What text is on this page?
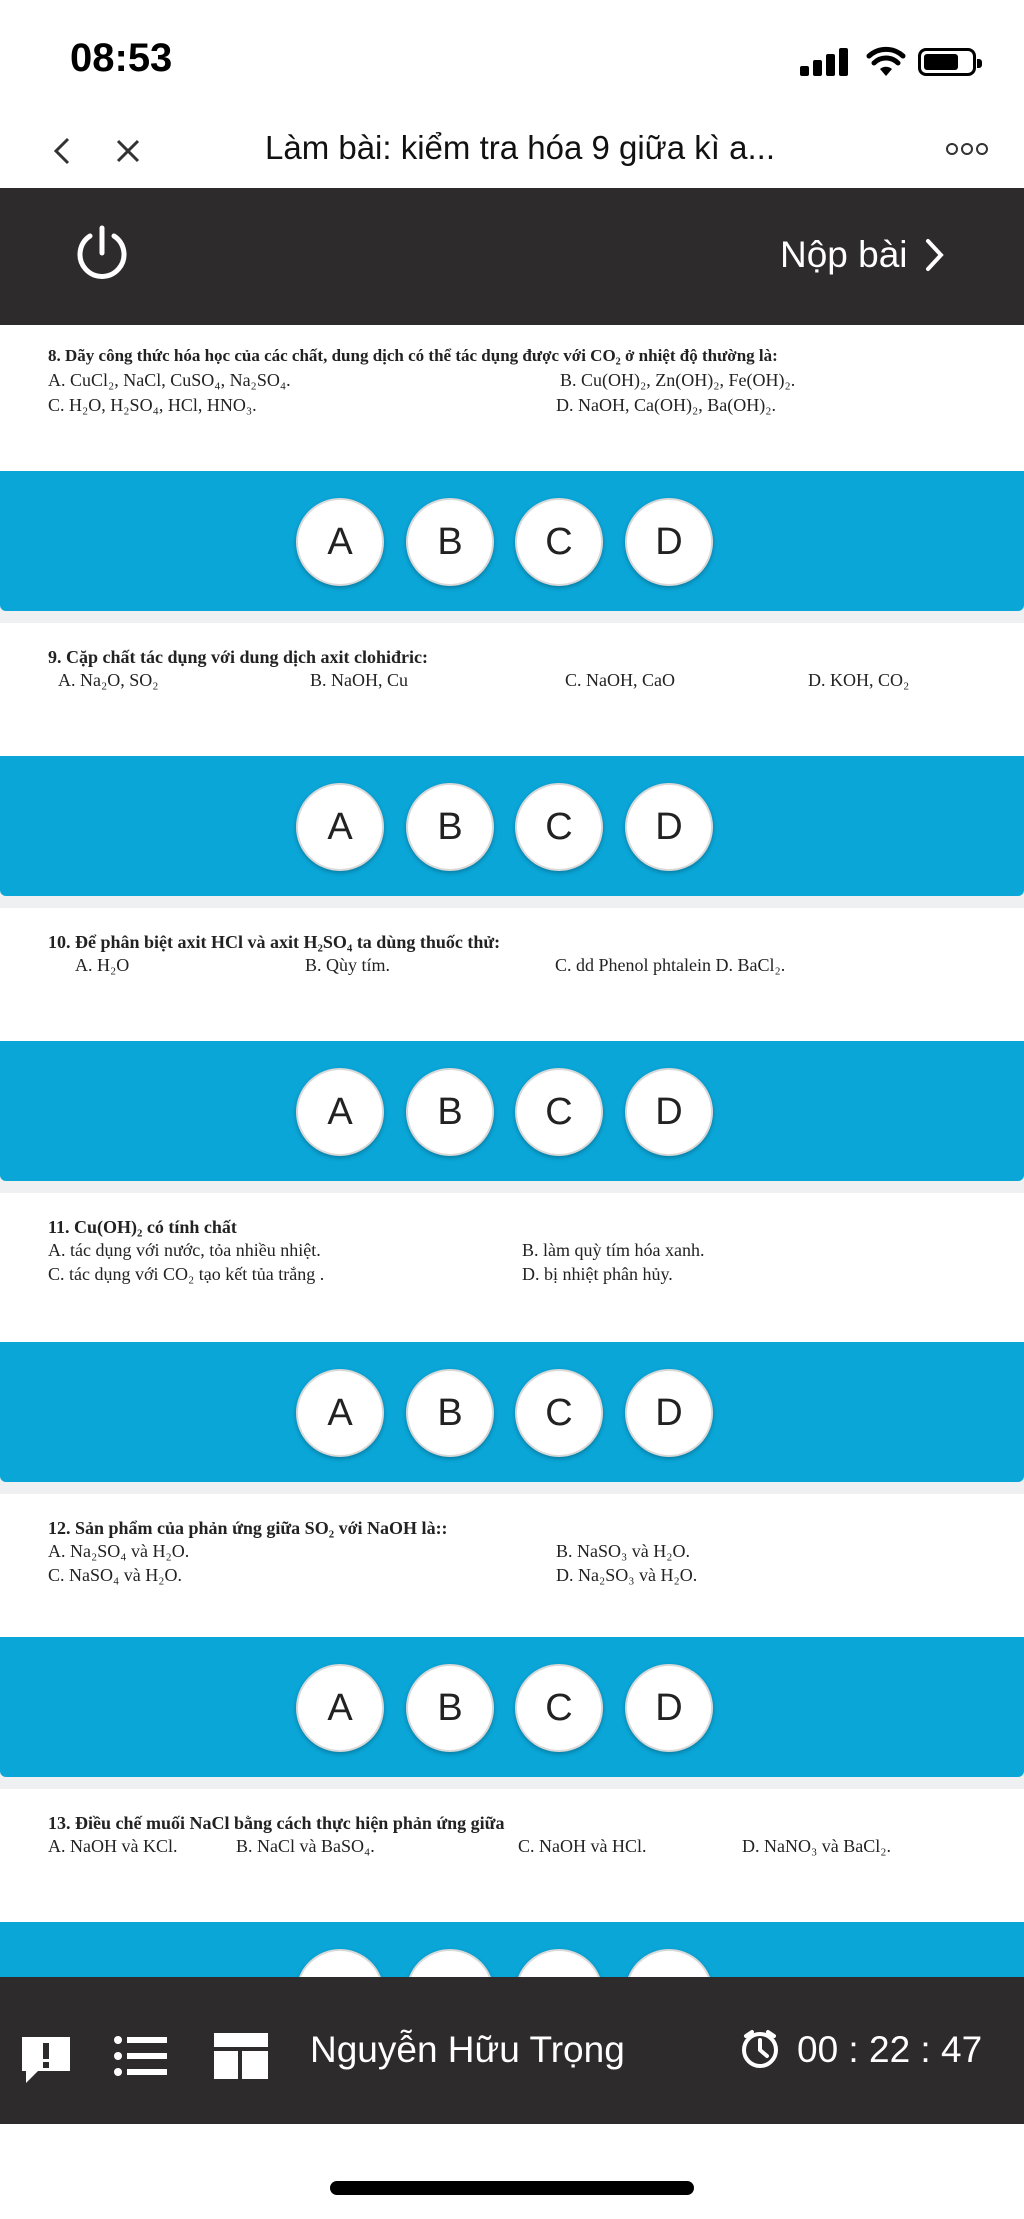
08:53
Làm bài: kiểm tra hóa 9 giữa kì a...
Nộp bài
8. Dãy công thức hóa học của các chất, dung dịch có thể tác dụng được với CO₂ ở nhiệt độ thường là:
A. CuCl₂, NaCl, CuSO₄, Na₂SO₄.	B. Cu(OH)₂, Zn(OH)₂, Fe(OH)₂.
C. H₂O, H₂SO₄, HCl, HNO₃.	D. NaOH, Ca(OH)₂, Ba(OH)₂.
A	B	C	D
9. Cặp chất tác dụng với dung dịch axit clohiđric:
A. Na₂O, SO₂	B. NaOH, Cu	C. NaOH, CaO	D. KOH, CO₂
A	B	C	D
10. Để phân biệt axit HCl và axit H₂SO₄ ta dùng thuốc thử:
A. H₂O	B. Qùy tím.	C. dd Phenol phtalein D. BaCl₂.
A	B	C	D
11. Cu(OH)₂ có tính chất
A. tác dụng với nước, tỏa nhiều nhiệt.	B. làm quỳ tím hóa xanh.
C. tác dụng với CO₂ tạo kết tủa trắng .	D. bị nhiệt phân hủy.
A	B	C	D
12. Sản phẩm của phản ứng giữa SO₂ với NaOH là::
A. Na₂SO₄ và H₂O.	B. NaSO₃ và H₂O.
C. NaSO₄ và H₂O.	D. Na₂SO₃ và H₂O.
A	B	C	D
13. Điều chế muối NaCl bằng cách thực hiện phản ứng giữa
A. NaOH và KCl.	B. NaCl và BaSO₄.	C. NaOH và HCl.	D. NaNO₃ và BaCl₂.
Nguyễn Hữu Trọng	00 : 22 : 47
